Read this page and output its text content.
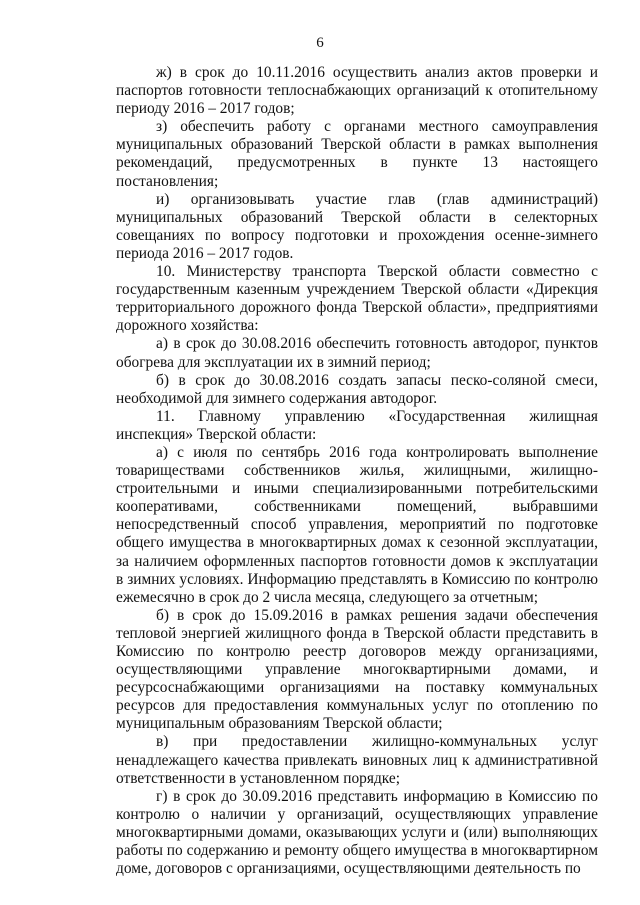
6

ж) в срок до 10.11.2016 осуществить анализ актов проверки и паспортов готовности теплоснабжающих организаций к отопительному периоду 2016 – 2017 годов;

з) обеспечить работу с органами местного самоуправления муниципальных образований Тверской области в рамках выполнения рекомендаций, предусмотренных в пункте 13 настоящего постановления;

и) организовывать участие глав (глав администраций) муниципальных образований Тверской области в селекторных совещаниях по вопросу подготовки и прохождения осенне-зимнего периода 2016 – 2017 годов.

10. Министерству транспорта Тверской области совместно с государственным казенным учреждением Тверской области «Дирекция территориального дорожного фонда Тверской области», предприятиями дорожного хозяйства:

а) в срок до 30.08.2016 обеспечить готовность автодорог, пунктов обогрева для эксплуатации их в зимний период;

б) в срок до 30.08.2016 создать запасы песко-соляной смеси, необходимой для зимнего содержания автодорог.

11. Главному управлению «Государственная жилищная инспекция» Тверской области:

а) с июля по сентябрь 2016 года контролировать выполнение товариществами собственников жилья, жилищными, жилищно-строительными и иными специализированными потребительскими кооперативами, собственниками помещений, выбравшими непосредственный способ управления, мероприятий по подготовке общего имущества в многоквартирных домах к сезонной эксплуатации, за наличием оформленных паспортов готовности домов к эксплуатации в зимних условиях. Информацию представлять в Комиссию по контролю ежемесячно в срок до 2 числа месяца, следующего за отчетным;

б) в срок до 15.09.2016 в рамках решения задачи обеспечения тепловой энергией жилищного фонда в Тверской области представить в Комиссию по контролю реестр договоров между организациями, осуществляющими управление многоквартирными домами, и ресурсоснабжающими организациями на поставку коммунальных ресурсов для предоставления коммунальных услуг по отоплению по муниципальным образованиям Тверской области;

в) при предоставлении жилищно-коммунальных услуг ненадлежащего качества привлекать виновных лиц к административной ответственности в установленном порядке;

г) в срок до 30.09.2016 представить информацию в Комиссию по контролю о наличии у организаций, осуществляющих управление многоквартирными домами, оказывающих услуги и (или) выполняющих работы по содержанию и ремонту общего имущества в многоквартирном доме, договоров с организациями, осуществляющими деятельность по
